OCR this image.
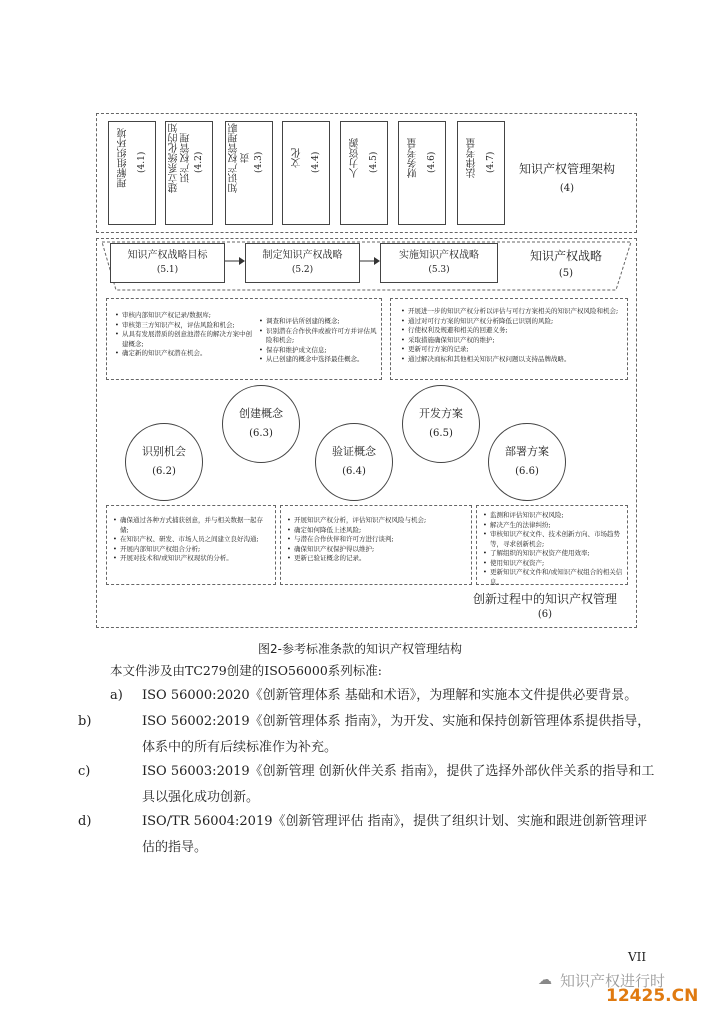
理解组织环境 (4.1)	建立系统化的知识产权管理 (4.2)	知识产权管理职责 (4.3)	文化 (4.4)	人力资源 (4.5)	财务考量 (4.6)	法律考量 (4.7)	知识产权管理架构
(4)
知识产权战略目标
(5.1)
制定知识产权战略
(5.2)
实施知识产权战略
(5.3)
知识产权战略
(5)
• 审核内部知识产权记录/数据库;
• 审核第三方知识产权，评估风险和机会;
• 从具有发展潜质的创意池潜在的解决方案中创建概念;
• 确定新的知识产权潜在机会。
• 调查和评估所创建的概念;
• 识别潜在合作伙伴或被许可方并评估风险和机会;
• 保存和维护成文信息;
• 从已创建的概念中选择最佳概念。
• 开展进一步的知识产权分析以评估与可行方案相关的知识产权风险和机会;
• 通过对可行方案的知识产权分析降低已识别的风险;
• 行使权利及规避和相关的回避义务;
• 采取措施确保知识产权的维护;
• 更新可行方案的记录;
• 通过解决商标和其他相关知识产权问题以支持品牌战略。
识别机会
(6.2)
创建概念
(6.3)
验证概念
(6.4)
开发方案
(6.5)
部署方案
(6.6)
• 确保通过各种方式捕获创意，并与相关数据一起存储;
• 在知识产权、研发、市场人员之间建立良好沟通;
• 开展内部知识产权组合分析;
• 开展对技术和/或知识产权现状的分析。
• 开展知识产权分析，评估知识产权风险与机会;
• 确定如何降低上述风险;
• 与潜在合作伙伴和许可方进行谈判;
• 确保知识产权保护得以维护;
• 更新已验证概念的记录。
• 监测和评估知识产权风险;
• 解决产生的法律纠纷;
• 审核知识产权文件、技术创新方向、市场趋势等，寻求创新机会;
• 了解组织的知识产权资产使用效率;
• 使用知识产权资产;
• 更新知识产权文件和/或知识产权组合的相关信息。
创新过程中的知识产权管理
(6)
图2-参考标准条款的知识产权管理结构
本文件涉及由TC279创建的ISO56000系列标准:
a) ISO 56000:2020《创新管理体系 基础和术语》，为理解和实施本文件提供必要背景。
b)	ISO 56002:2019《创新管理体系 指南》，为开发、实施和保持创新管理体系提供指导，体系中的所有后续标准作为补充。
c)	ISO 56003:2019《创新管理 创新伙伴关系 指南》，提供了选择外部伙伴关系的指导和工具以强化成功创新。
d)	ISO/TR 56004:2019《创新管理评估 指南》，提供了组织计划、实施和跟进创新管理评估的指导。
VII
☁ 知识产权进行时
12425.CN
